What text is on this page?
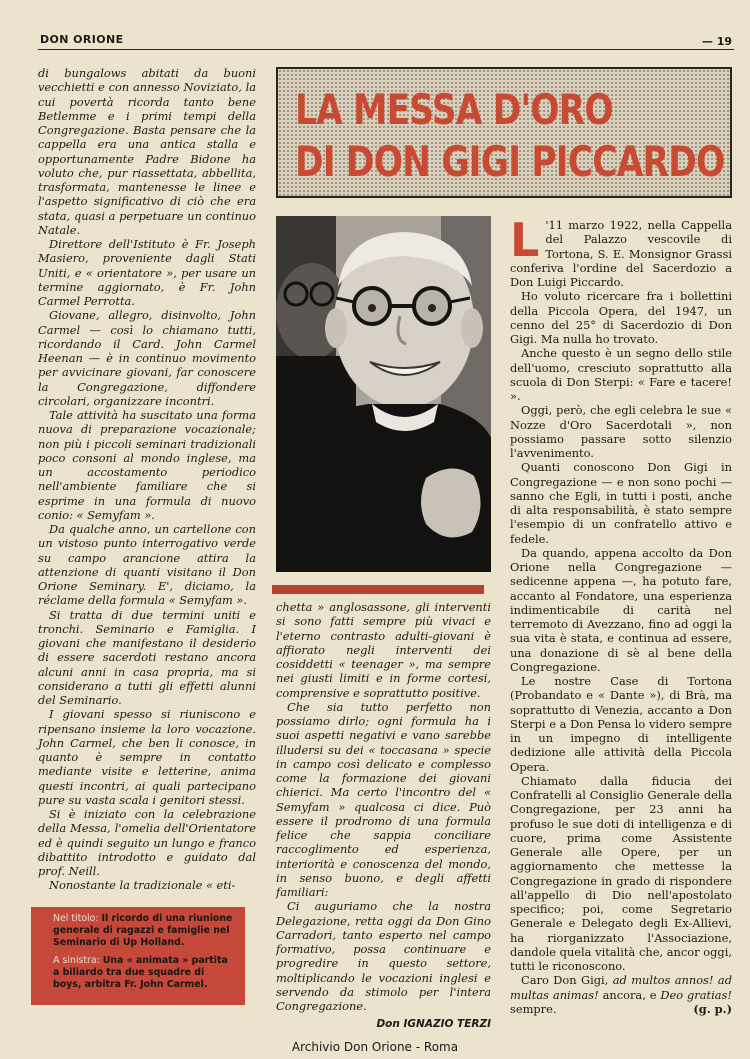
DON ORIONE	— 19

di bungalows abitati da buoni vecchietti e con annesso Noviziato, la cui povertà ricorda tanto bene Betlemme e i primi tempi della Congregazione. Basta pensare che la cappella era una antica stalla e opportunamente Padre Bidone ha voluto che, pur riassettata, abbellita, trasformata, mantenesse le linee e l'aspetto significativo di ciò che era stata, quasi a perpetuare un continuo Natale.

Direttore dell'Istituto è Fr. Joseph Masiero, proveniente dagli Stati Uniti, e « orientatore », per usare un termine aggiornato, è Fr. John Carmel Perrotta.

Giovane, allegro, disinvolto, John Carmel — così lo chiamano tutti, ricordando il Card. John Carmel Heenan — è in continuo movimento per avvicinare giovani, far conoscere la Congregazione, diffondere circolari, organizzare incontri.

Tale attività ha suscitato una forma nuova di preparazione vocazionale; non più i piccoli seminari tradizionali poco consoni al mondo inglese, ma un accostamento periodico nell'ambiente familiare che si esprime in una formula di nuovo conio: « Semyfam ».

Da qualche anno, un cartellone con un vistoso punto interrogativo verde su campo arancione attira la attenzione di quanti visitano il Don Orione Seminary. E', diciamo, la réclame della formula « Semyfam ».

Si tratta di due termini uniti e tronchi. Seminario e Famiglia. I giovani che manifestano il desiderio di essere sacerdoti restano ancora alcuni anni in casa propria, ma si considerano a tutti gli effetti alunni del Seminario.

I giovani spesso si riuniscono e ripensano insieme la loro vocazione. John Carmel, che ben li conosce, in quanto è sempre in contatto mediante visite e letterine, anima questi incontri, ai quali partecipano pure su vasta scala i genitori stessi.

Si è iniziato con la celebrazione della Messa, l'omelia dell'Orientatore ed è quindi seguito un lungo e franco dibattito introdotto e guidato dal prof. Neill.

Nonostante la tradizionale « eti-

Nel titolo: Il ricordo di una riunione generale di ragazzi e famiglie nel Seminario di Up Holland.
A sinistra: Una « animata » partita a biliardo tra due squadre di boys, arbitra Fr. John Carmel.
LA MESSA D'ORO
DI DON GIGI PICCARDO

chetta » anglosassone, gli interventi si sono fatti sempre più vivaci e l'eterno contrasto adulti-giovani è affiorato negli interventi dei cosiddetti « teenager », ma sempre nei giusti limiti e in forme cortesi, comprensive e soprattutto positive.

Che sia tutto perfetto non possiamo dirlo; ogni formula ha i suoi aspetti negativi e vano sarebbe illudersi su dei « toccasana » specie in campo così delicato e complesso come la formazione dei giovani chierici. Ma certo l'incontro del « Semyfam » qualcosa ci dice. Può essere il prodromo di una formula felice che sappia conciliare raccoglimento ed esperienza, interiorità e conoscenza del mondo, in senso buono, e degli affetti familiari:

Ci auguriamo che la nostra Delegazione, retta oggi da Don Gino Carradori, tanto esperto nel campo formativo, possa continuare e progredire in questo settore, moltiplicando le vocazioni inglesi e servendo da stimolo per l'intera Congregazione.

Don IGNAZIO TERZI

L '11 marzo 1922, nella Cappella del Palazzo vescovile di Tortona, S. E. Monsignor Grassi conferiva l'ordine del Sacerdozio a Don Luigi Piccardo.

Ho voluto ricercare fra i bollettini della Piccola Opera, del 1947, un cenno del 25° di Sacerdozio di Don Gigi. Ma nulla ho trovato.

Anche questo è un segno dello stile dell'uomo, cresciuto soprattutto alla scuola di Don Sterpi: « Fare e tacere! ».

Oggi, però, che egli celebra le sue « Nozze d'Oro Sacerdotali », non possiamo passare sotto silenzio l'avvenimento.

Quanti conoscono Don Gigi in Congregazione — e non sono pochi — sanno che Egli, in tutti i posti, anche di alta responsabilità, è stato sempre l'esempio di un confratello attivo e fedele.

Da quando, appena accolto da Don Orione nella Congregazione — sedicenne appena —, ha potuto fare, accanto al Fondatore, una esperienza indimenticabile di carità nel terremoto di Avezzano, fino ad oggi la sua vita è stata, e continua ad essere, una donazione di sè al bene della Congregazione.

Le nostre Case di Tortona (Probandato e « Dante »), di Brà, ma soprattutto di Venezia, accanto a Don Sterpi e a Don Pensa lo videro sempre in un impegno di intelligente dedizione alle attività della Piccola Opera.

Chiamato dalla fiducia dei Confratelli al Consiglio Generale della Congregazione, per 23 anni ha profuso le sue doti di intelligenza e di cuore, prima come Assistente Generale alle Opere, per un aggiornamento che mettesse la Congregazione in grado di rispondere all'appello di Dio nell'apostolato specifico; poi, come Segretario Generale e Delegato degli Ex-Allievi, ha riorganizzato l'Associazione, dandole quela vitalità che, ancor oggi, tutti le riconoscono.

Caro Don Gigi, ad multos annos! ad multas animas! ancora, e Deo gratias! sempre.	(g. p.)

Archivio Don Orione - Roma
